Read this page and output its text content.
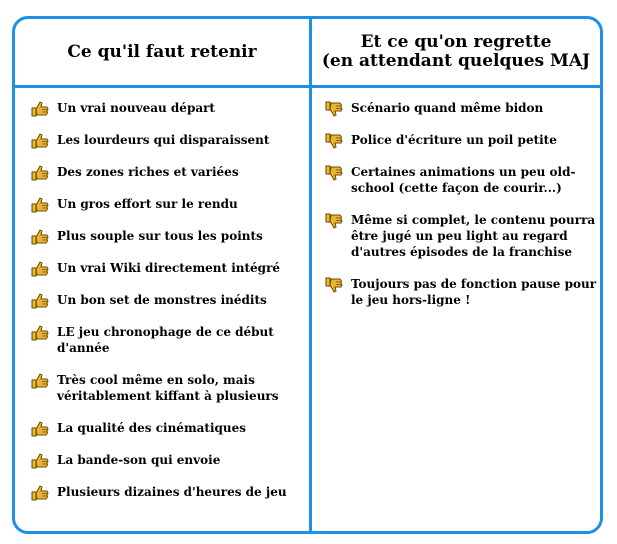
Ce qu'il faut retenir	Et ce qu'on regrette
(en attendant quelques MAJ
Un vrai nouveau départ
Les lourdeurs qui disparaissent
Des zones riches et variées
Un gros effort sur le rendu
Plus souple sur tous les points
Un vrai Wiki directement intégré
Un bon set de monstres inédits
LE jeu chronophage de ce début d'année
Très cool même en solo, mais véritablement kiffant à plusieurs
La qualité des cinématiques
La bande-son qui envoie
Plusieurs dizaines d'heures de jeu
Scénario quand même bidon
Police d'écriture un poil petite
Certaines animations un peu old-school (cette façon de courir...)
Même si complet, le contenu pourra être jugé un peu light au regard d'autres épisodes de la franchise
Toujours pas de fonction pause pour le jeu hors-ligne !
